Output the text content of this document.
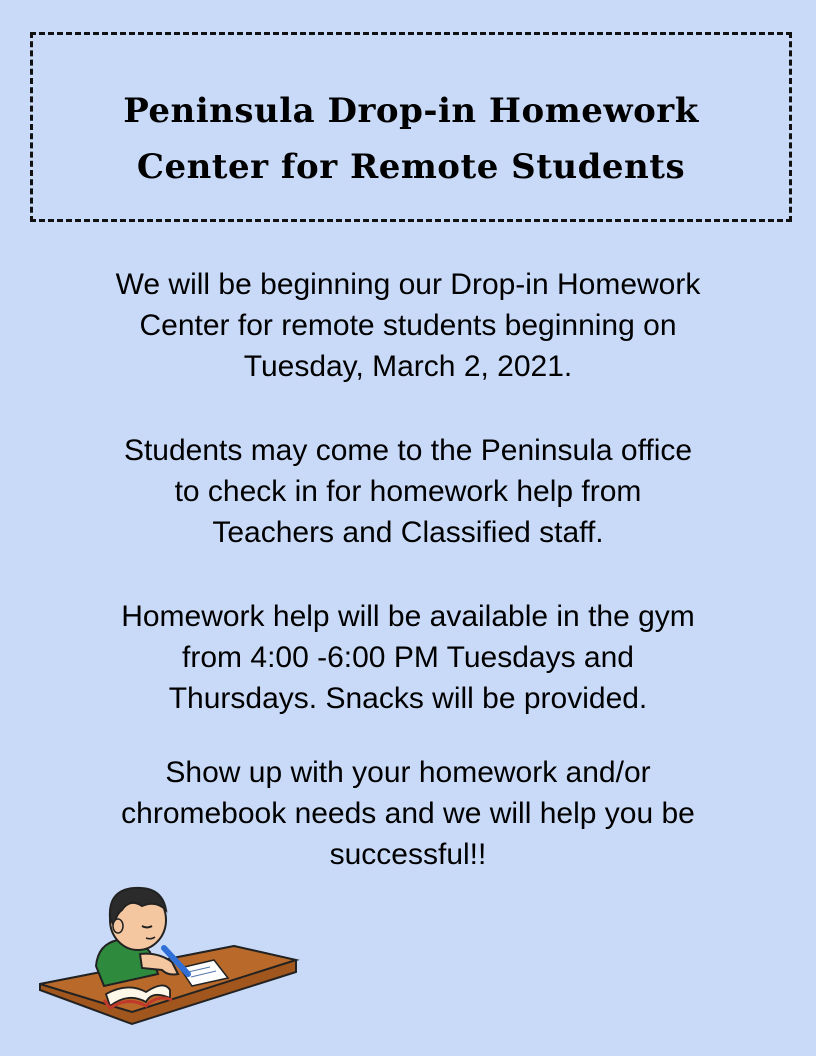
Peninsula Drop-in Homework
Center for Remote Students
We will be beginning our Drop-in Homework
Center for remote students beginning on
Tuesday, March 2, 2021.
Students may come to the Peninsula office
to check in for homework help from
Teachers and Classified staff.
Homework help will be available in the gym
from 4:00 -6:00 PM Tuesdays and
Thursdays. Snacks will be provided.
Show up with your homework and/or
chromebook needs and we will help you be
successful!!
